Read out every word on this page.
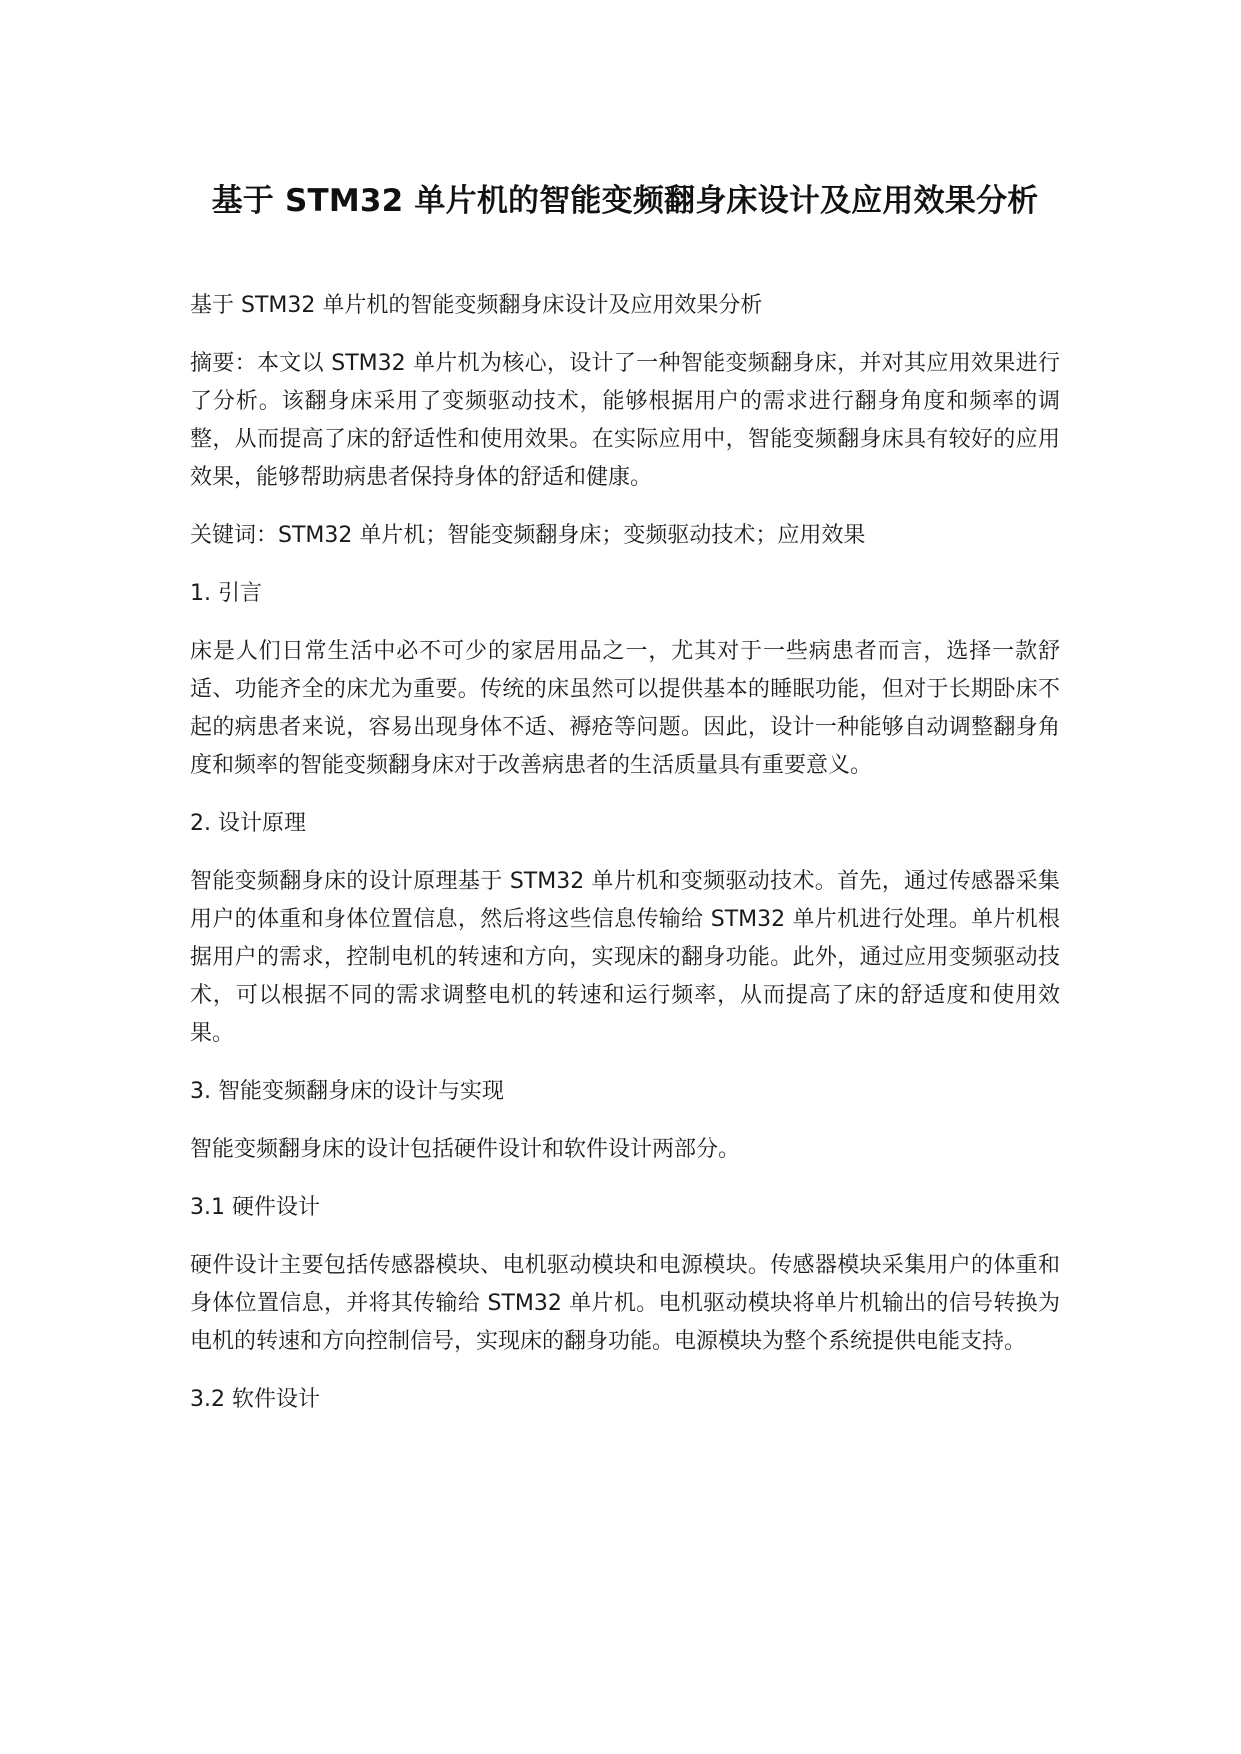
基于 STM32 单片机的智能变频翻身床设计及应用效果分析

基于 STM32 单片机的智能变频翻身床设计及应用效果分析

摘要：本文以 STM32 单片机为核心，设计了一种智能变频翻身床，并对其应用效果进行了分析。该翻身床采用了变频驱动技术，能够根据用户的需求进行翻身角度和频率的调整，从而提高了床的舒适性和使用效果。在实际应用中，智能变频翻身床具有较好的应用效果，能够帮助病患者保持身体的舒适和健康。

关键词：STM32 单片机；智能变频翻身床；变频驱动技术；应用效果

1. 引言

床是人们日常生活中必不可少的家居用品之一，尤其对于一些病患者而言，选择一款舒适、功能齐全的床尤为重要。传统的床虽然可以提供基本的睡眠功能，但对于长期卧床不起的病患者来说，容易出现身体不适、褥疮等问题。因此，设计一种能够自动调整翻身角度和频率的智能变频翻身床对于改善病患者的生活质量具有重要意义。

2. 设计原理

智能变频翻身床的设计原理基于 STM32 单片机和变频驱动技术。首先，通过传感器采集用户的体重和身体位置信息，然后将这些信息传输给 STM32 单片机进行处理。单片机根据用户的需求，控制电机的转速和方向，实现床的翻身功能。此外，通过应用变频驱动技术，可以根据不同的需求调整电机的转速和运行频率，从而提高了床的舒适度和使用效果。

3. 智能变频翻身床的设计与实现

智能变频翻身床的设计包括硬件设计和软件设计两部分。

3.1 硬件设计

硬件设计主要包括传感器模块、电机驱动模块和电源模块。传感器模块采集用户的体重和身体位置信息，并将其传输给 STM32 单片机。电机驱动模块将单片机输出的信号转换为电机的转速和方向控制信号，实现床的翻身功能。电源模块为整个系统提供电能支持。

3.2 软件设计
